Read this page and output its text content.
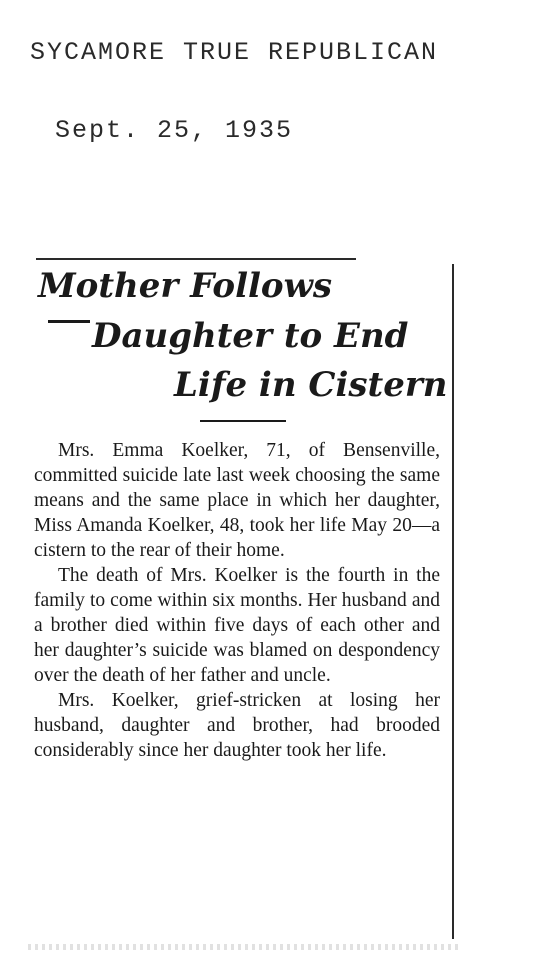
SYCAMORE TRUE REPUBLICAN
Sept. 25, 1935
Mother Follows
Daughter to End
Life in Cistern

Mrs. Emma Koelker, 71, of Bensenville, committed suicide late last week choosing the same means and the same place in which her daughter, Miss Amanda Koelker, 48, took her life May 20—a cistern to the rear of their home.

The death of Mrs. Koelker is the fourth in the family to come within six months. Her husband and a brother died within five days of each other and her daughter’s suicide was blamed on despondency over the death of her father and uncle.

Mrs. Koelker, grief-stricken at losing her husband, daughter and brother, had brooded considerably since her daughter took her life.
